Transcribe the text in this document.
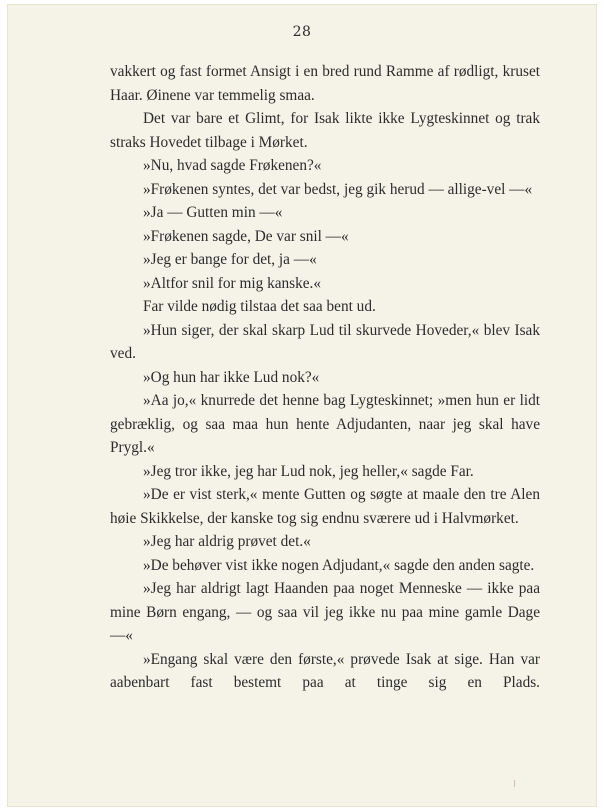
28

vakkert og fast formet Ansigt i en bred rund Ramme af rødligt, kruset Haar. Øinene var temmelig smaa.

Det var bare et Glimt, for Isak likte ikke Lygteskinnet og trak straks Hovedet tilbage i Mørket.

»Nu, hvad sagde Frøkenen?«

»Frøkenen syntes, det var bedst, jeg gik herud — allige-vel —«

»Ja — Gutten min —«

»Frøkenen sagde, De var snil —«

»Jeg er bange for det, ja —«

»Altfor snil for mig kanske.«

Far vilde nødig tilstaa det saa bent ud.

»Hun siger, der skal skarp Lud til skurvede Hoveder,« blev Isak ved.

»Og hun har ikke Lud nok?«

»Aa jo,« knurrede det henne bag Lygteskinnet; »men hun er lidt gebræklig, og saa maa hun hente Adjudanten, naar jeg skal have Prygl.«

»Jeg tror ikke, jeg har Lud nok, jeg heller,« sagde Far.

»De er vist sterk,« mente Gutten og søgte at maale den tre Alen høie Skikkelse, der kanske tog sig endnu sværere ud i Halvmørket.

»Jeg har aldrig prøvet det.«

»De behøver vist ikke nogen Adjudant,« sagde den anden sagte.

»Jeg har aldrigt lagt Haanden paa noget Menneske — ikke paa mine Børn engang, — og saa vil jeg ikke nu paa mine gamle Dage —«

»Engang skal være den første,« prøvede Isak at sige. Han var aabenbart fast bestemt paa at tinge sig en Plads.
